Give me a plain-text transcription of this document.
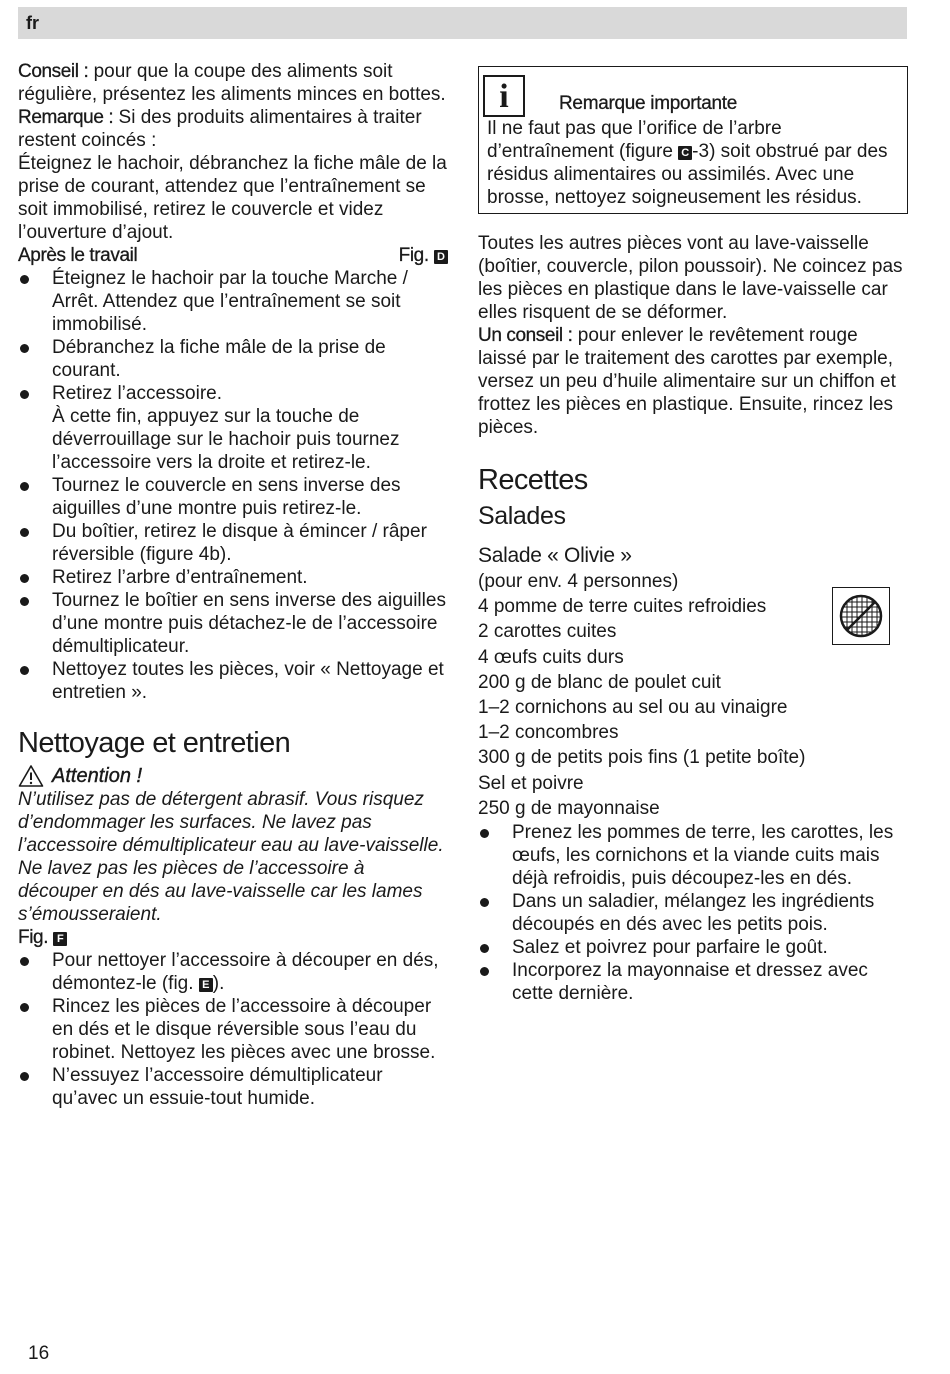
fr

Conseil : pour que la coupe des aliments soit régulière, présentez les aliments minces en bottes.

Remarque : Si des produits alimentaires à traiter restent coincés :

Éteignez le hachoir, débranchez la fiche mâle de la prise de courant, attendez que l’entraînement se soit immobilisé, retirez le couvercle et videz l’ouverture d’ajout.

Après le travail	Fig. D
Éteignez le hachoir par la touche Marche / Arrêt. Attendez que l’entraînement se soit immobilisé.
Débranchez la fiche mâle de la prise de courant.
Retirez l’accessoire.
À cette fin, appuyez sur la touche de déverrouillage sur le hachoir puis tournez l’accessoire vers la droite et retirez-le.
Tournez le couvercle en sens inverse des aiguilles d’une montre puis retirez-le.
Du boîtier, retirez le disque à émincer / râper réversible (figure 4b).
Retirez l’arbre d’entraînement.
Tournez le boîtier en sens inverse des aiguilles d’une montre puis détachez-le de l’accessoire démultiplicateur.
Nettoyez toutes les pièces, voir « Nettoyage et entretien ».
Nettoyage et entretien
Attention !

N’utilisez pas de détergent abrasif. Vous risquez d’endommager les surfaces. Ne lavez pas l’accessoire démultiplicateur eau au lave-vaisselle. Ne lavez pas les pièces de l’accessoire à découper en dés au lave-vaisselle car les lames s’émousseraient.

Fig. F

Pour nettoyer l’accessoire à découper en dés, démontez-le (fig. E ).
Rincez les pièces de l’accessoire à découper en dés et le disque réversible sous l’eau du robinet. Nettoyez les pièces avec une brosse.
N’essuyez l’accessoire démultiplicateur qu’avec un essuie-tout humide.
i	Remarque importante

Il ne faut pas que l’orifice de l’arbre d’entraînement (figure C -3) soit obstrué par des résidus alimentaires ou assimilés. Avec une brosse, nettoyez soigneusement les résidus.

Toutes les autres pièces vont au lave-vaisselle (boîtier, couvercle, pilon poussoir). Ne coincez pas les pièces en plastique dans le lave-vaisselle car elles risquent de se déformer.

Un conseil : pour enlever le revêtement rouge laissé par le traitement des carottes par exemple, versez un peu d’huile alimentaire sur un chiffon et frottez les pièces en plastique. Ensuite, rincez les pièces.

Recettes
Salades
Salade « Olivie »

(pour env. 4 personnes)

4 pomme de terre cuites refroidies

2 carottes cuites

4 œufs cuits durs

200 g de blanc de poulet cuit

1–2 cornichons au sel ou au vinaigre

1–2 concombres

300 g de petits pois fins (1 petite boîte)

Sel et poivre

250 g de mayonnaise

Prenez les pommes de terre, les carottes, les œufs, les cornichons et la viande cuits mais déjà refroidis, puis découpez-les en dés.
Dans un saladier, mélangez les ingrédients découpés en dés avec les petits pois.
Salez et poivrez pour parfaire le goût.
Incorporez la mayonnaise et dressez avec cette dernière.
16
